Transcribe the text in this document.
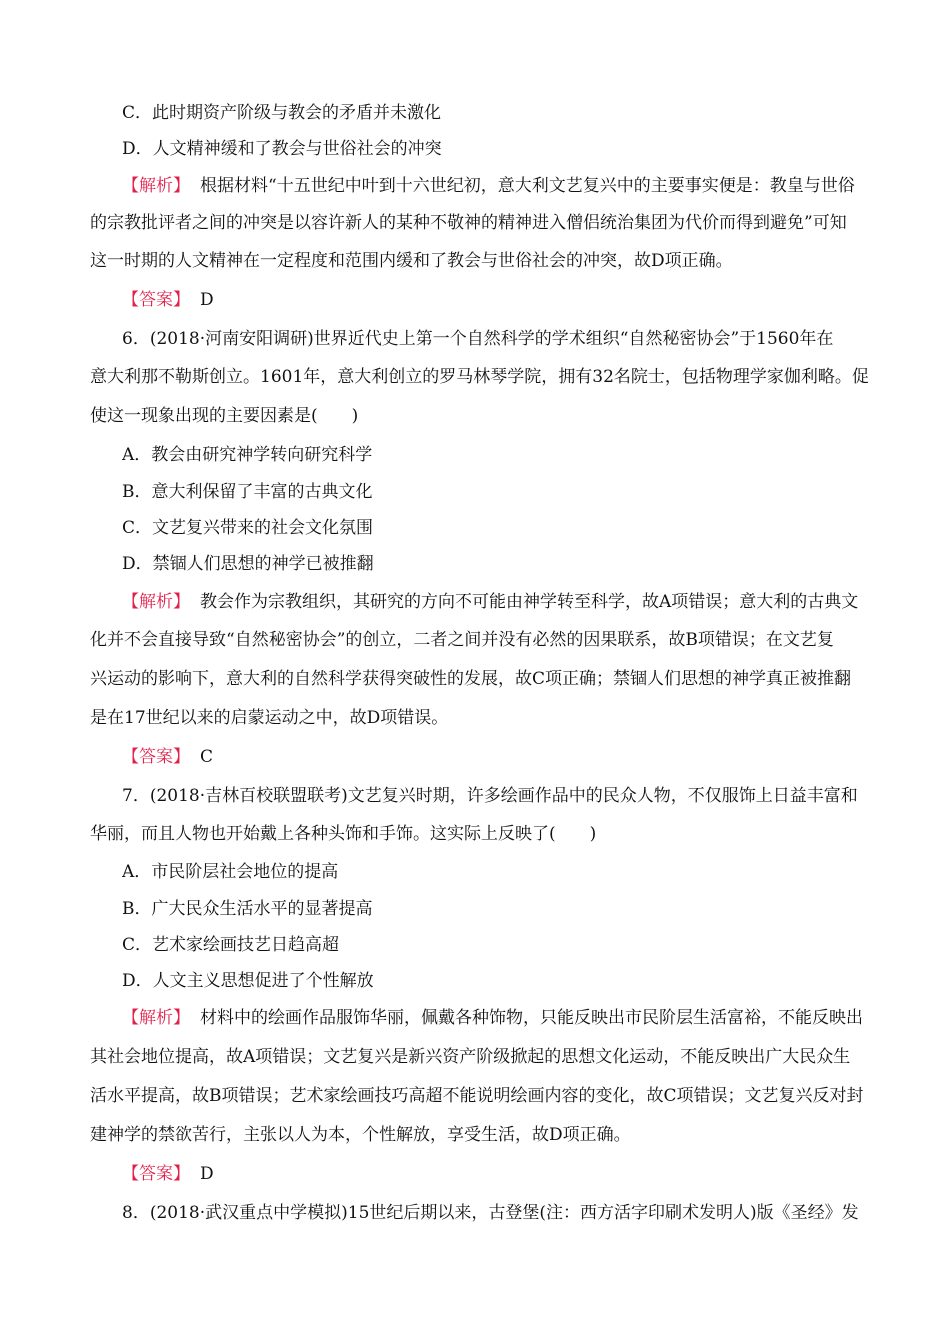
C．此时期资产阶级与教会的矛盾并未激化
D．人文精神缓和了教会与世俗社会的冲突
【解析】 根据材料“十五世纪中叶到十六世纪初，意大利文艺复兴中的主要事实便是：教皇与世俗
的宗教批评者之间的冲突是以容许新人的某种不敬神的精神进入僧侣统治集团为代价而得到避免”可知
这一时期的人文精神在一定程度和范围内缓和了教会与世俗社会的冲突，故D项正确。
【答案】 D
6．(2018·河南安阳调研)世界近代史上第一个自然科学的学术组织“自然秘密协会”于1560年在
意大利那不勒斯创立。1601年，意大利创立的罗马林琴学院，拥有32名院士，包括物理学家伽利略。促
使这一现象出现的主要因素是(　　)
A．教会由研究神学转向研究科学
B．意大利保留了丰富的古典文化
C．文艺复兴带来的社会文化氛围
D．禁锢人们思想的神学已被推翻
【解析】 教会作为宗教组织，其研究的方向不可能由神学转至科学，故A项错误；意大利的古典文
化并不会直接导致“自然秘密协会”的创立，二者之间并没有必然的因果联系，故B项错误；在文艺复
兴运动的影响下，意大利的自然科学获得突破性的发展，故C项正确；禁锢人们思想的神学真正被推翻
是在17世纪以来的启蒙运动之中，故D项错误。
【答案】 C
7．(2018·吉林百校联盟联考)文艺复兴时期，许多绘画作品中的民众人物，不仅服饰上日益丰富和
华丽，而且人物也开始戴上各种头饰和手饰。这实际上反映了(　　)
A．市民阶层社会地位的提高
B．广大民众生活水平的显著提高
C．艺术家绘画技艺日趋高超
D．人文主义思想促进了个性解放
【解析】 材料中的绘画作品服饰华丽，佩戴各种饰物，只能反映出市民阶层生活富裕，不能反映出
其社会地位提高，故A项错误；文艺复兴是新兴资产阶级掀起的思想文化运动，不能反映出广大民众生
活水平提高，故B项错误；艺术家绘画技巧高超不能说明绘画内容的变化，故C项错误；文艺复兴反对封
建神学的禁欲苦行，主张以人为本，个性解放，享受生活，故D项正确。
【答案】 D
8．(2018·武汉重点中学模拟)15世纪后期以来，古登堡(注：西方活字印刷术发明人)版《圣经》发
